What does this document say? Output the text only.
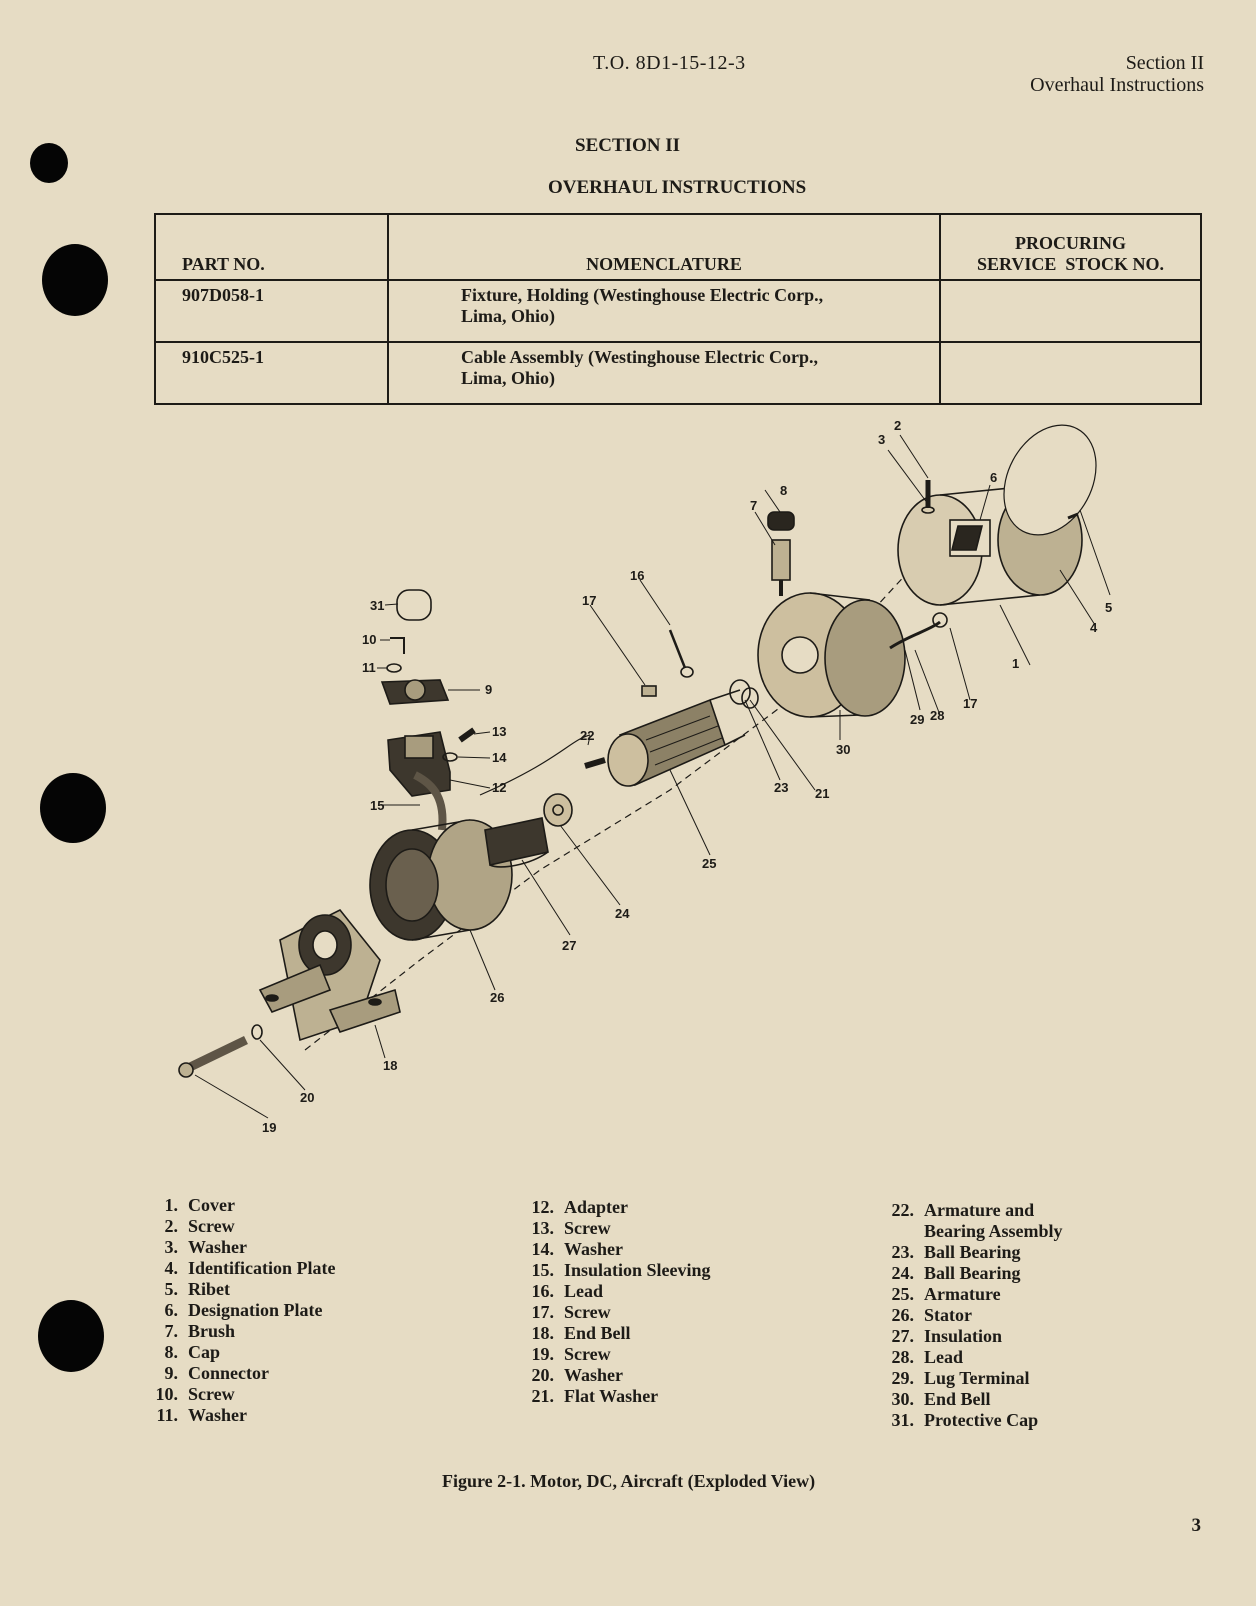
T.O. 8D1-15-12-3	Section II
Overhaul Instructions
SECTION II
OVERHAUL INSTRUCTIONS
PART NO.	NOMENCLATURE	PROCURING
SERVICE  STOCK NO.

907D058-1	Fixture, Holding (Westinghouse Electric Corp.,
Lima, Ohio)	

910C525-1	Cable Assembly (Westinghouse Electric Corp.,
Lima, Ohio)	

1
2
3
4
5
6
7
8
9
10
11
12
13
14
15
16
17
17
18
19
20
21
22
23
24
25
26
27
28
29
30
31
1. Cover
2. Screw
3. Washer
4. Identification Plate
5. Ribet
6. Designation Plate
7. Brush
8. Cap
9. Connector
10. Screw
11. Washer
12. Adapter
13. Screw
14. Washer
15. Insulation Sleeving
16. Lead
17. Screw
18. End Bell
19. Screw
20. Washer
21. Flat Washer
22. Armature and
Bearing Assembly
23. Ball Bearing
24. Ball Bearing
25. Armature
26. Stator
27. Insulation
28. Lead
29. Lug Terminal
30. End Bell
31. Protective Cap
Figure 2-1. Motor, DC, Aircraft (Exploded View)
3
